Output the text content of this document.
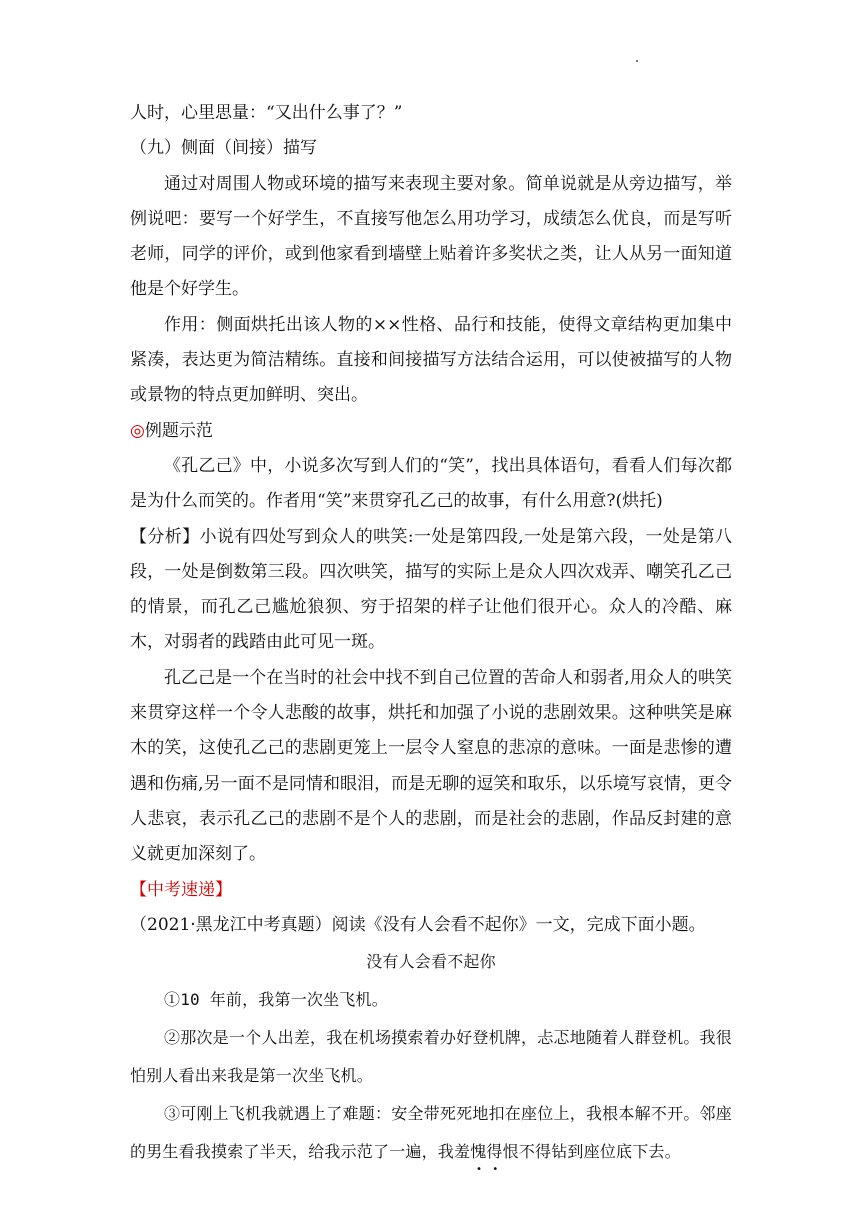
人时，心里思量：“又出什么事了？”

（九）侧面（间接）描写

通过对周围人物或环境的描写来表现主要对象。简单说就是从旁边描写，举例说吧：要写一个好学生，不直接写他怎么用功学习，成绩怎么优良，而是写听老师，同学的评价，或到他家看到墙壁上贴着许多奖状之类，让人从另一面知道他是个好学生。

作用：侧面烘托出该人物的××性格、品行和技能，使得文章结构更加集中紧凑，表达更为简洁精练。直接和间接描写方法结合运用，可以使被描写的人物或景物的特点更加鲜明、突出。

◎例题示范

《孔乙己》中，小说多次写到人们的“笑”，找出具体语句，看看人们每次都是为什么而笑的。作者用“笑”来贯穿孔乙己的故事，有什么用意?(烘托)

【分析】小说有四处写到众人的哄笑:一处是第四段,一处是第六段，一处是第八段，一处是倒数第三段。四次哄笑，描写的实际上是众人四次戏弄、嘲笑孔乙己的情景，而孔乙己尴尬狼狈、穷于招架的样子让他们很开心。众人的冷酷、麻木，对弱者的践踏由此可见一斑。

孔乙己是一个在当时的社会中找不到自己位置的苦命人和弱者,用众人的哄笑来贯穿这样一个令人悲酸的故事，烘托和加强了小说的悲剧效果。这种哄笑是麻木的笑，这使孔乙己的悲剧更笼上一层令人窒息的悲凉的意味。一面是悲惨的遭遇和伤痛,另一面不是同情和眼泪，而是无聊的逗笑和取乐，以乐境写哀情，更令人悲哀，表示孔乙己的悲剧不是个人的悲剧，而是社会的悲剧，作品反封建的意义就更加深刻了。

【中考速递】

（2021·黑龙江中考真题）阅读《没有人会看不起你》一文，完成下面小题。

没有人会看不起你

①10 年前，我第一次坐飞机。

②那次是一个人出差，我在机场摸索着办好登机牌，忐忑地随着人群登机。我很怕别人看出来我是第一次坐飞机。

③可刚上飞机我就遇上了难题：安全带死死地扣在座位上，我根本解不开。邻座的男生看我摸索了半天，给我示范了一遍，我羞愧得恨不得钻到座位底下去。
